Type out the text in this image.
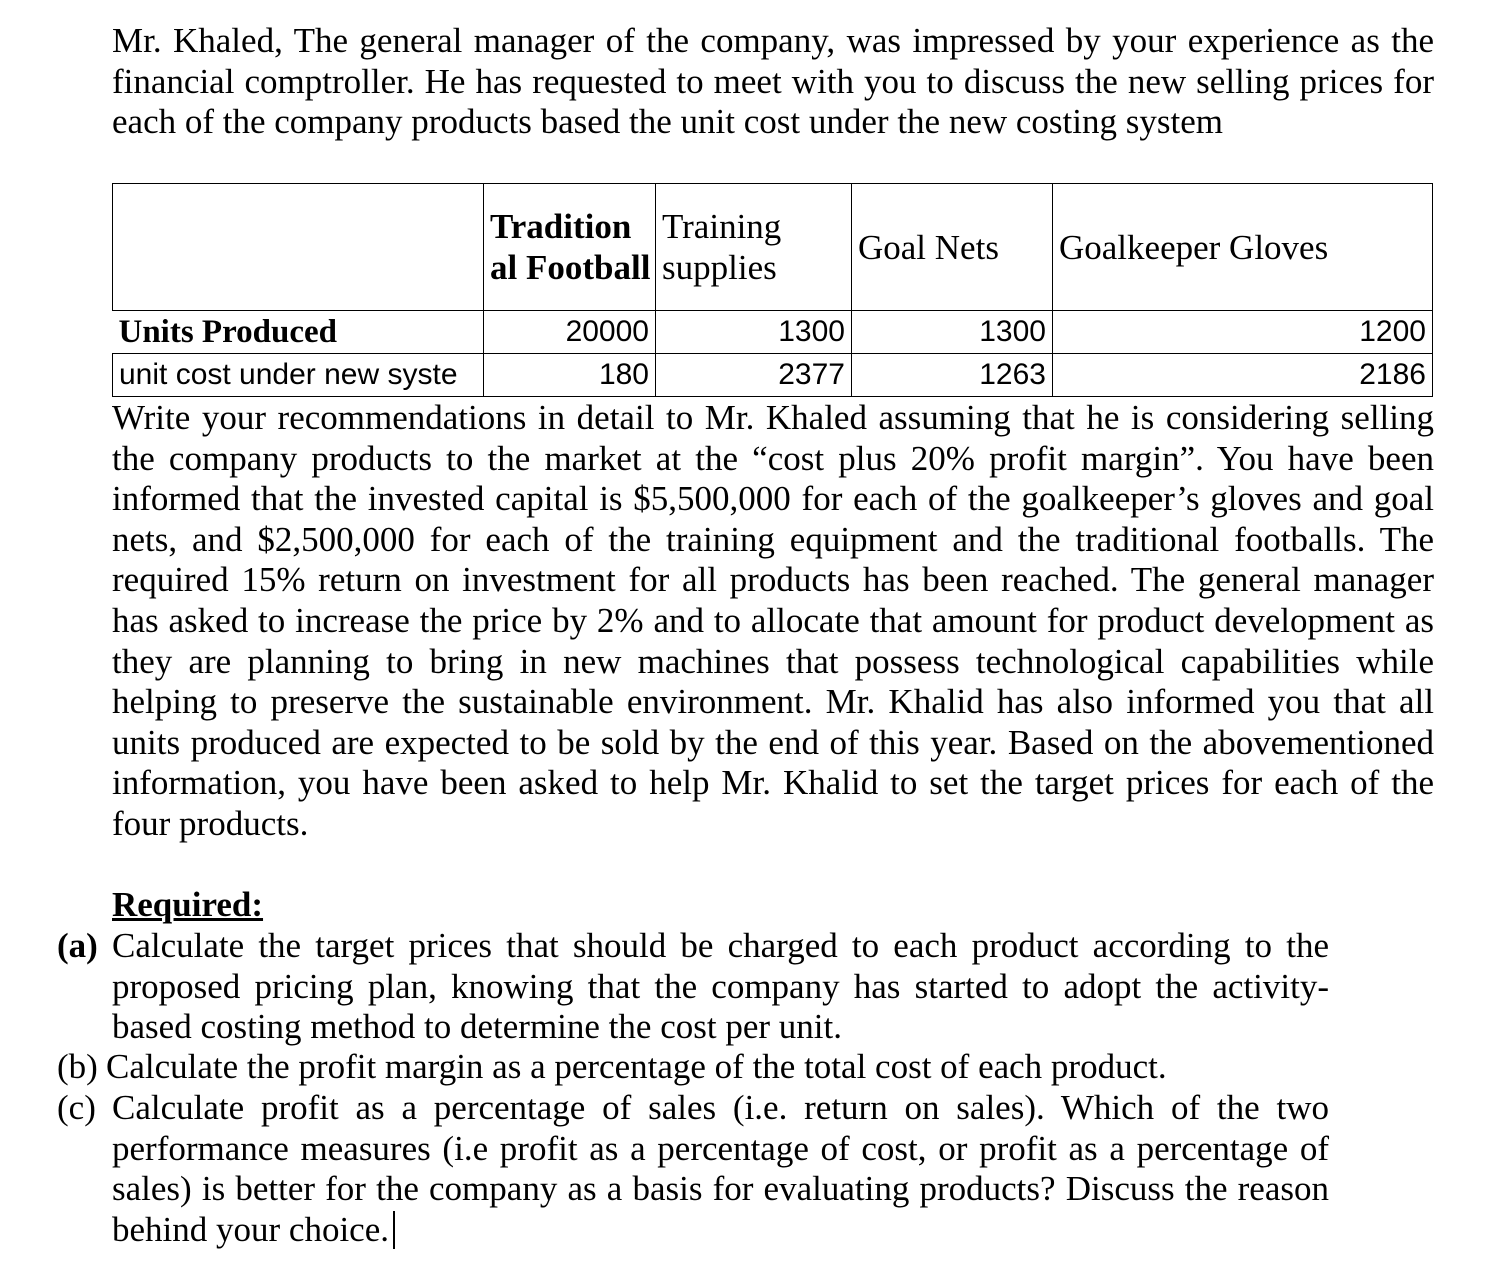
Mr. Khaled, The general manager of the company, was impressed by your experience as the financial comptroller. He has requested to meet with you to discuss the new selling prices for each of the company products based the unit cost under the new costing system

	Tradition al Football	Training supplies	Goal Nets	Goalkeeper Gloves
Units Produced	20000	1300	1300	1200
unit cost under new syste	180	2377	1263	2186

Write your recommendations in detail to Mr. Khaled assuming that he is considering selling the company products to the market at the “cost plus 20% profit margin”. You have been informed that the invested capital is $5,500,000 for each of the goalkeeper’s gloves and goal nets, and $2,500,000 for each of the training equipment and the traditional footballs. The required 15% return on investment for all products has been reached. The general manager has asked to increase the price by 2% and to allocate that amount for product development as they are planning to bring in new machines that possess technological capabilities while helping to preserve the sustainable environment. Mr. Khalid has also informed you that all units produced are expected to be sold by the end of this year. Based on the abovementioned information, you have been asked to help Mr. Khalid to set the target prices for each of the four products.

Required:
(a) Calculate the target prices that should be charged to each product according to the proposed pricing plan, knowing that the company has started to adopt the activity-based costing method to determine the cost per unit.
(b) Calculate the profit margin as a percentage of the total cost of each product.
(c) Calculate profit as a percentage of sales (i.e. return on sales). Which of the two performance measures (i.e profit as a percentage of cost, or profit as a percentage of sales) is better for the company as a basis for evaluating products? Discuss the reason behind your choice.
